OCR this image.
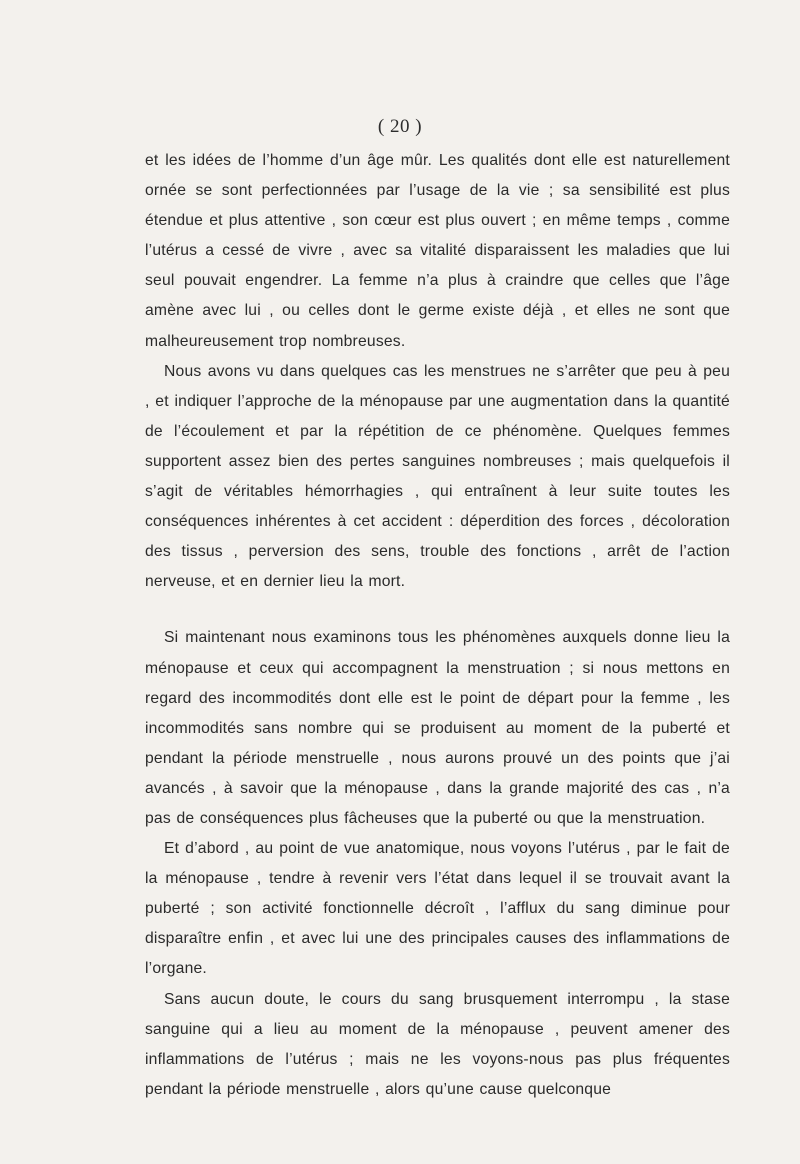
( 20 )

et les idées de l’homme d’un âge mûr. Les qualités dont elle est naturellement ornée se sont perfectionnées par l’usage de la vie ; sa sensibilité est plus étendue et plus attentive , son cœur est plus ouvert ; en même temps , comme l’utérus a cessé de vivre , avec sa vitalité disparaissent les maladies que lui seul pouvait engendrer. La femme n’a plus à craindre que celles que l’âge amène avec lui , ou celles dont le germe existe déjà , et elles ne sont que malheureusement trop nombreuses.

Nous avons vu dans quelques cas les menstrues ne s’arrêter que peu à peu , et indiquer l’approche de la ménopause par une augmentation dans la quantité de l’écoulement et par la répétition de ce phénomène. Quelques femmes supportent assez bien des pertes sanguines nombreuses ; mais quelquefois il s’agit de véritables hémorrhagies , qui entraînent à leur suite toutes les conséquences inhérentes à cet accident : déperdition des forces , décoloration des tissus , perversion des sens, trouble des fonctions , arrêt de l’action nerveuse, et en dernier lieu la mort.

Si maintenant nous examinons tous les phénomènes auxquels donne lieu la ménopause et ceux qui accompagnent la menstruation ; si nous mettons en regard des incommodités dont elle est le point de départ pour la femme , les incommodités sans nombre qui se produisent au moment de la puberté et pendant la période menstruelle , nous aurons prouvé un des points que j’ai avancés , à savoir que la ménopause , dans la grande majorité des cas , n’a pas de conséquences plus fâcheuses que la puberté ou que la menstruation.

Et d’abord , au point de vue anatomique, nous voyons l’utérus , par le fait de la ménopause , tendre à revenir vers l’état dans lequel il se trouvait avant la puberté ; son activité fonctionnelle décroît , l’afflux du sang diminue pour disparaître enfin , et avec lui une des principales causes des inflammations de l’organe.

Sans aucun doute, le cours du sang brusquement interrompu , la stase sanguine qui a lieu au moment de la ménopause , peuvent amener des inflammations de l’utérus ; mais ne les voyons-nous pas plus fréquentes pendant la période menstruelle , alors qu’une cause quelconque
